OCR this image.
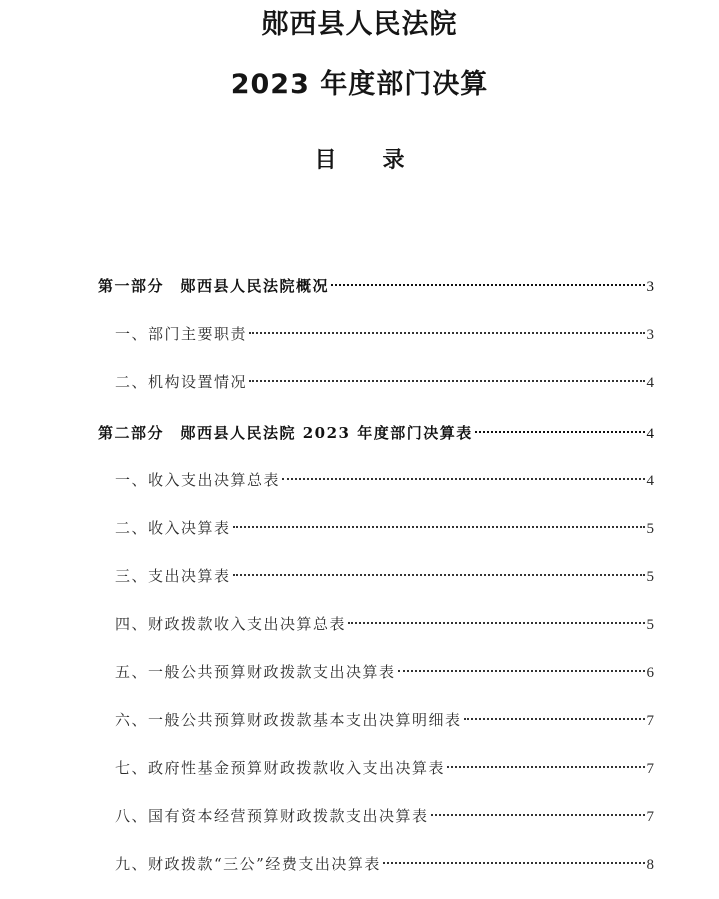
郧西县人民法院
2023 年度部门决算
目录
第一部分　郧西县人民法院概况	3
一、部门主要职责	3
二、机构设置情况	4
第二部分　郧西县人民法院 2023 年度部门决算表	4
一、收入支出决算总表	4
二、收入决算表	5
三、支出决算表	5
四、财政拨款收入支出决算总表	5
五、一般公共预算财政拨款支出决算表	6
六、一般公共预算财政拨款基本支出决算明细表	7
七、政府性基金预算财政拨款收入支出决算表	7
八、国有资本经营预算财政拨款支出决算表	7
九、财政拨款“三公”经费支出决算表	8
